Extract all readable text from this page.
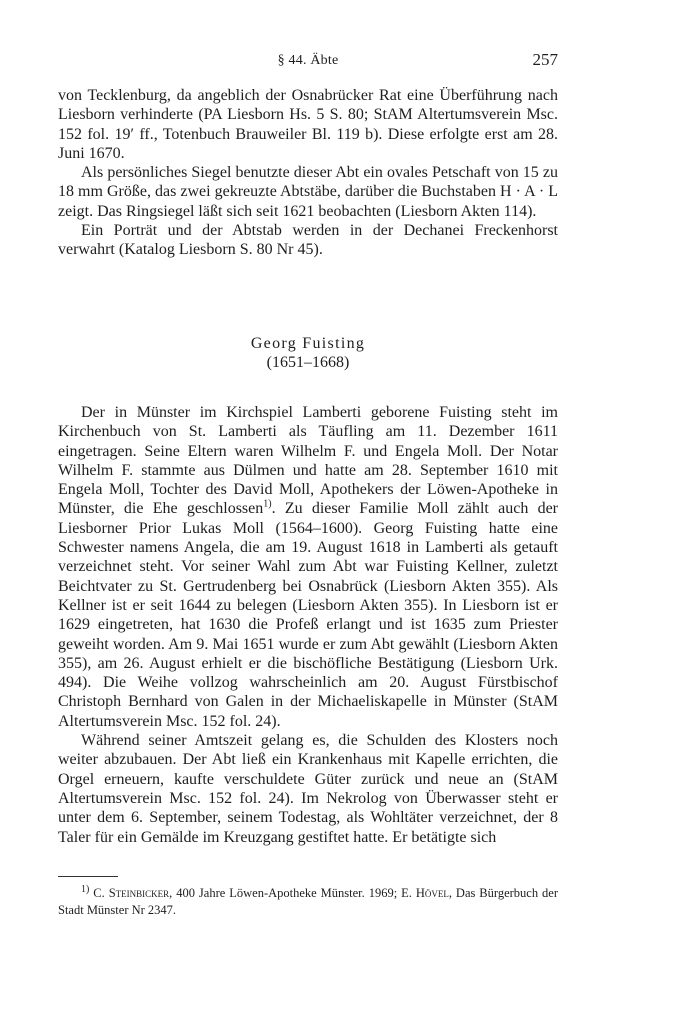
§ 44. Äbte	257

von Tecklenburg, da angeblich der Osnabrücker Rat eine Überführung nach Liesborn verhinderte (PA Liesborn Hs. 5 S. 80; StAM Altertumsverein Msc. 152 fol. 19′ ff., Totenbuch Brauweiler Bl. 119 b). Diese erfolgte erst am 28. Juni 1670.

Als persönliches Siegel benutzte dieser Abt ein ovales Petschaft von 15 zu 18 mm Größe, das zwei gekreuzte Abtstäbe, darüber die Buchstaben H · A · L zeigt. Das Ringsiegel läßt sich seit 1621 beobachten (Liesborn Akten 114).

Ein Porträt und der Abtstab werden in der Dechanei Freckenhorst verwahrt (Katalog Liesborn S. 80 Nr 45).

Georg Fuisting
(1651–1668)

Der in Münster im Kirchspiel Lamberti geborene Fuisting steht im Kirchenbuch von St. Lamberti als Täufling am 11. Dezember 1611 eingetragen. Seine Eltern waren Wilhelm F. und Engela Moll. Der Notar Wilhelm F. stammte aus Dülmen und hatte am 28. September 1610 mit Engela Moll, Tochter des David Moll, Apothekers der Löwen-Apotheke in Münster, die Ehe geschlossen$^{1)}$. Zu dieser Familie Moll zählt auch der Liesborner Prior Lukas Moll (1564–1600). Georg Fuisting hatte eine Schwester namens Angela, die am 19. August 1618 in Lamberti als getauft verzeichnet steht. Vor seiner Wahl zum Abt war Fuisting Kellner, zuletzt Beichtvater zu St. Gertrudenberg bei Osnabrück (Liesborn Akten 355). Als Kellner ist er seit 1644 zu belegen (Liesborn Akten 355). In Liesborn ist er 1629 eingetreten, hat 1630 die Profeß erlangt und ist 1635 zum Priester geweiht worden. Am 9. Mai 1651 wurde er zum Abt gewählt (Liesborn Akten 355), am 26. August erhielt er die bischöfliche Bestätigung (Liesborn Urk. 494). Die Weihe vollzog wahrscheinlich am 20. August Fürstbischof Christoph Bernhard von Galen in der Michaeliskapelle in Münster (StAM Altertumsverein Msc. 152 fol. 24).

Während seiner Amtszeit gelang es, die Schulden des Klosters noch weiter abzubauen. Der Abt ließ ein Krankenhaus mit Kapelle errichten, die Orgel erneuern, kaufte verschuldete Güter zurück und neue an (StAM Altertumsverein Msc. 152 fol. 24). Im Nekrolog von Überwasser steht er unter dem 6. September, seinem Todestag, als Wohltäter verzeichnet, der 8 Taler für ein Gemälde im Kreuzgang gestiftet hatte. Er betätigte sich

$^{1)}$ C. Steinbicker, 400 Jahre Löwen-Apotheke Münster. 1969; E. Hövel, Das Bürgerbuch der Stadt Münster Nr 2347.
